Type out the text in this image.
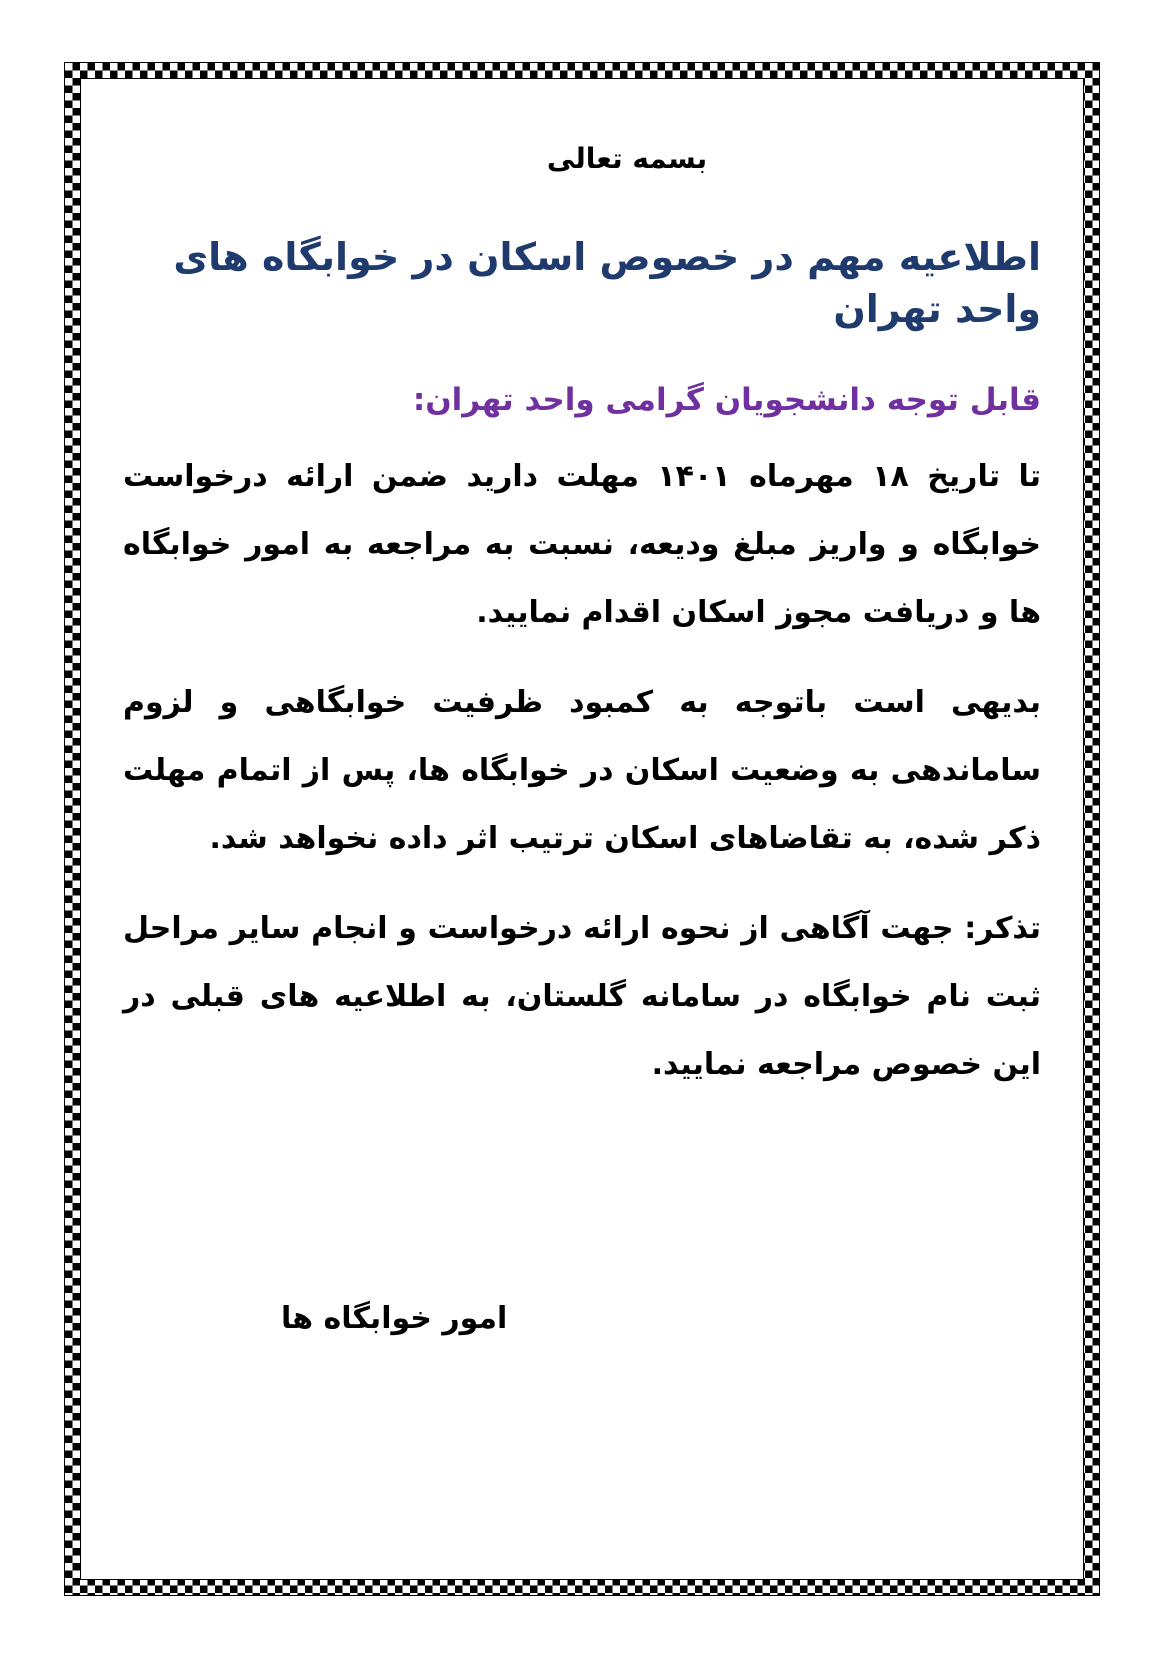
بسمه تعالی
اطلاعیه مهم در خصوص اسکان در خوابگاه های واحد تهران
قابل توجه دانشجویان گرامی واحد تهران:

تا تاریخ ۱۸ مهرماه ۱۴۰۱ مهلت دارید ضمن ارائه درخواست خوابگاه و واریز مبلغ ودیعه، نسبت به مراجعه به امور خوابگاه ها و دریافت مجوز اسکان اقدام نمایید.

بدیهی است باتوجه به کمبود ظرفیت خوابگاهی و لزوم ساماندهی به وضعیت اسکان در خوابگاه ها، پس از اتمام مهلت ذکر شده، به تقاضاهای اسکان ترتیب اثر داده نخواهد شد.

تذکر: جهت آگاهی از نحوه ارائه درخواست و انجام سایر مراحل ثبت نام خوابگاه در سامانه گلستان، به اطلاعیه های قبلی در این خصوص مراجعه نمایید.

امور خوابگاه ها
